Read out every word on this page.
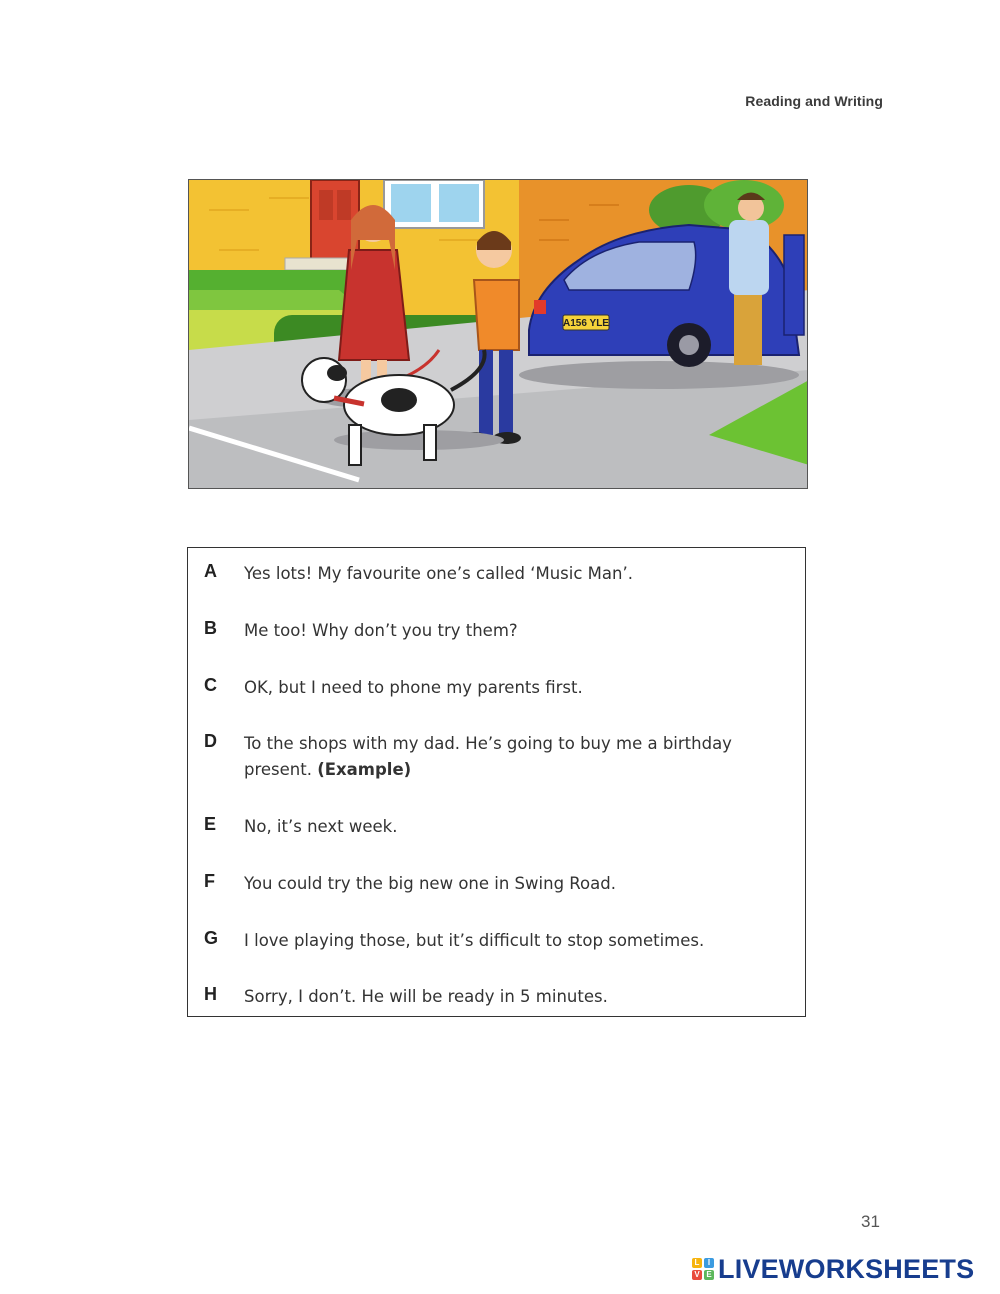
Reading and Writing
A156 YLE
A Yes lots! My favourite one’s called ‘Music Man’.
B Me too! Why don’t you try them?
C OK, but I need to phone my parents first.
D To the shops with my dad. He’s going to buy me a birthday present. (Example)
E No, it’s next week.
F You could try the big new one in Swing Road.
G I love playing those, but it’s difficult to stop sometimes.
H Sorry, I don’t. He will be ready in 5 minutes.
31
L	I
V E LIVEWORKSHEETS
